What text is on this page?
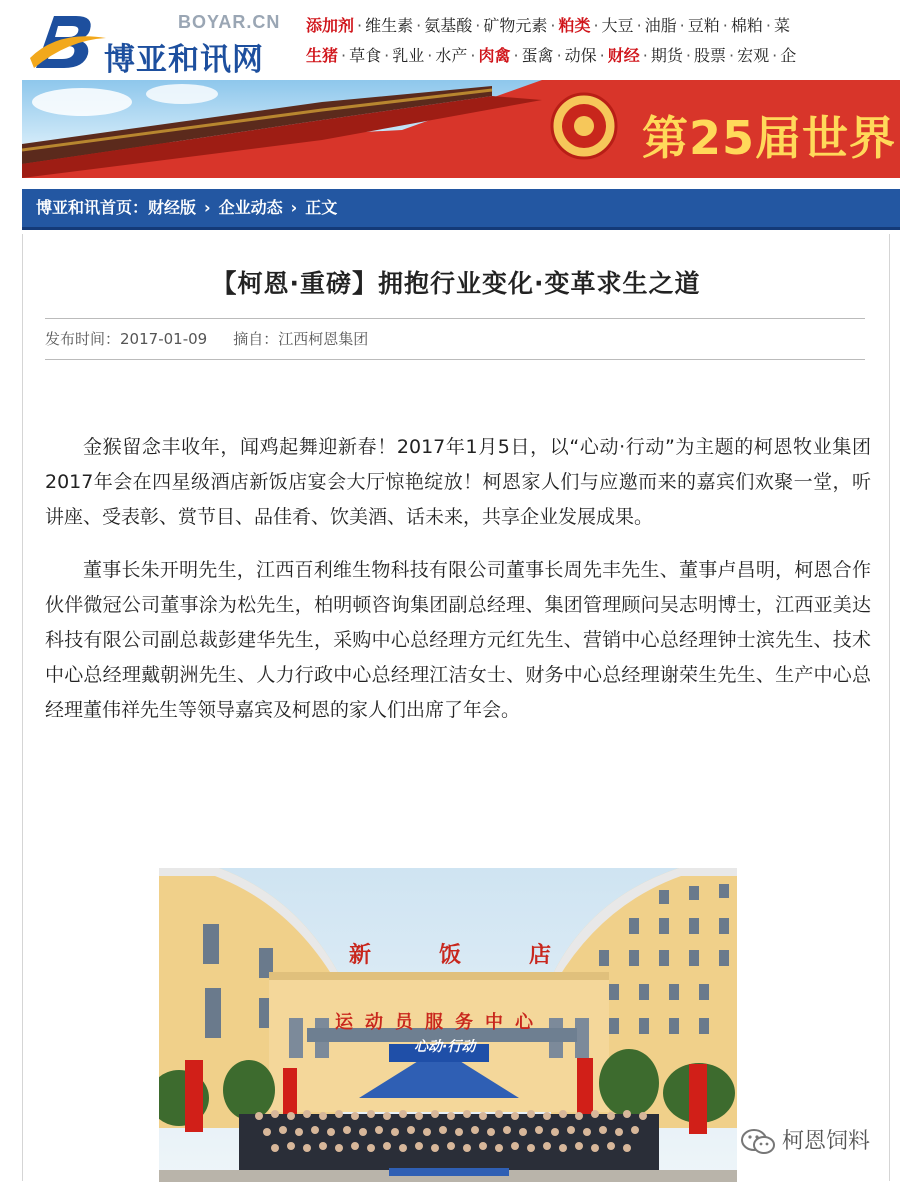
BOYAR.CN
博亚和讯网
添加剂 · 维生素 · 氨基酸 · 矿物元素 · 粕类 · 大豆 · 油脂 · 豆粕 · 棉粕 · 菜
生猪 · 草食 · 乳业 · 水产 · 肉禽 · 蛋禽 · 动保 · 财经 · 期货 · 股票 · 宏观 · 企
第25届世界
博亚和讯首页：财经版 › 企业动态 › 正文
【柯恩·重磅】拥抱行业变化·变革求生之道
发布时间：2017-01-09 摘自：江西柯恩集团

金猴留念丰收年，闻鸡起舞迎新春！2017年1月5日，以“心动·行动”为主题的柯恩牧业集团2017年会在四星级酒店新饭店宴会大厅惊艳绽放！柯恩家人们与应邀而来的嘉宾们欢聚一堂，听讲座、受表彰、赏节目、品佳肴、饮美酒、话未来，共享企业发展成果。

董事长朱开明先生，江西百利维生物科技有限公司董事长周先丰先生、董事卢昌明，柯恩合作伙伴微冠公司董事涂为松先生，柏明顿咨询集团副总经理、集团管理顾问吴志明博士，江西亚美达科技有限公司副总裁彭建华先生，采购中心总经理方元红先生、营销中心总经理钟士滨先生、技术中心总经理戴朝洲先生、人力行政中心总经理江洁女士、财务中心总经理谢荣生先生、生产中心总经理董伟祥先生等领导嘉宾及柯恩的家人们出席了年会。

新饭店
运动员服务中心
心动·行动
柯恩饲料
